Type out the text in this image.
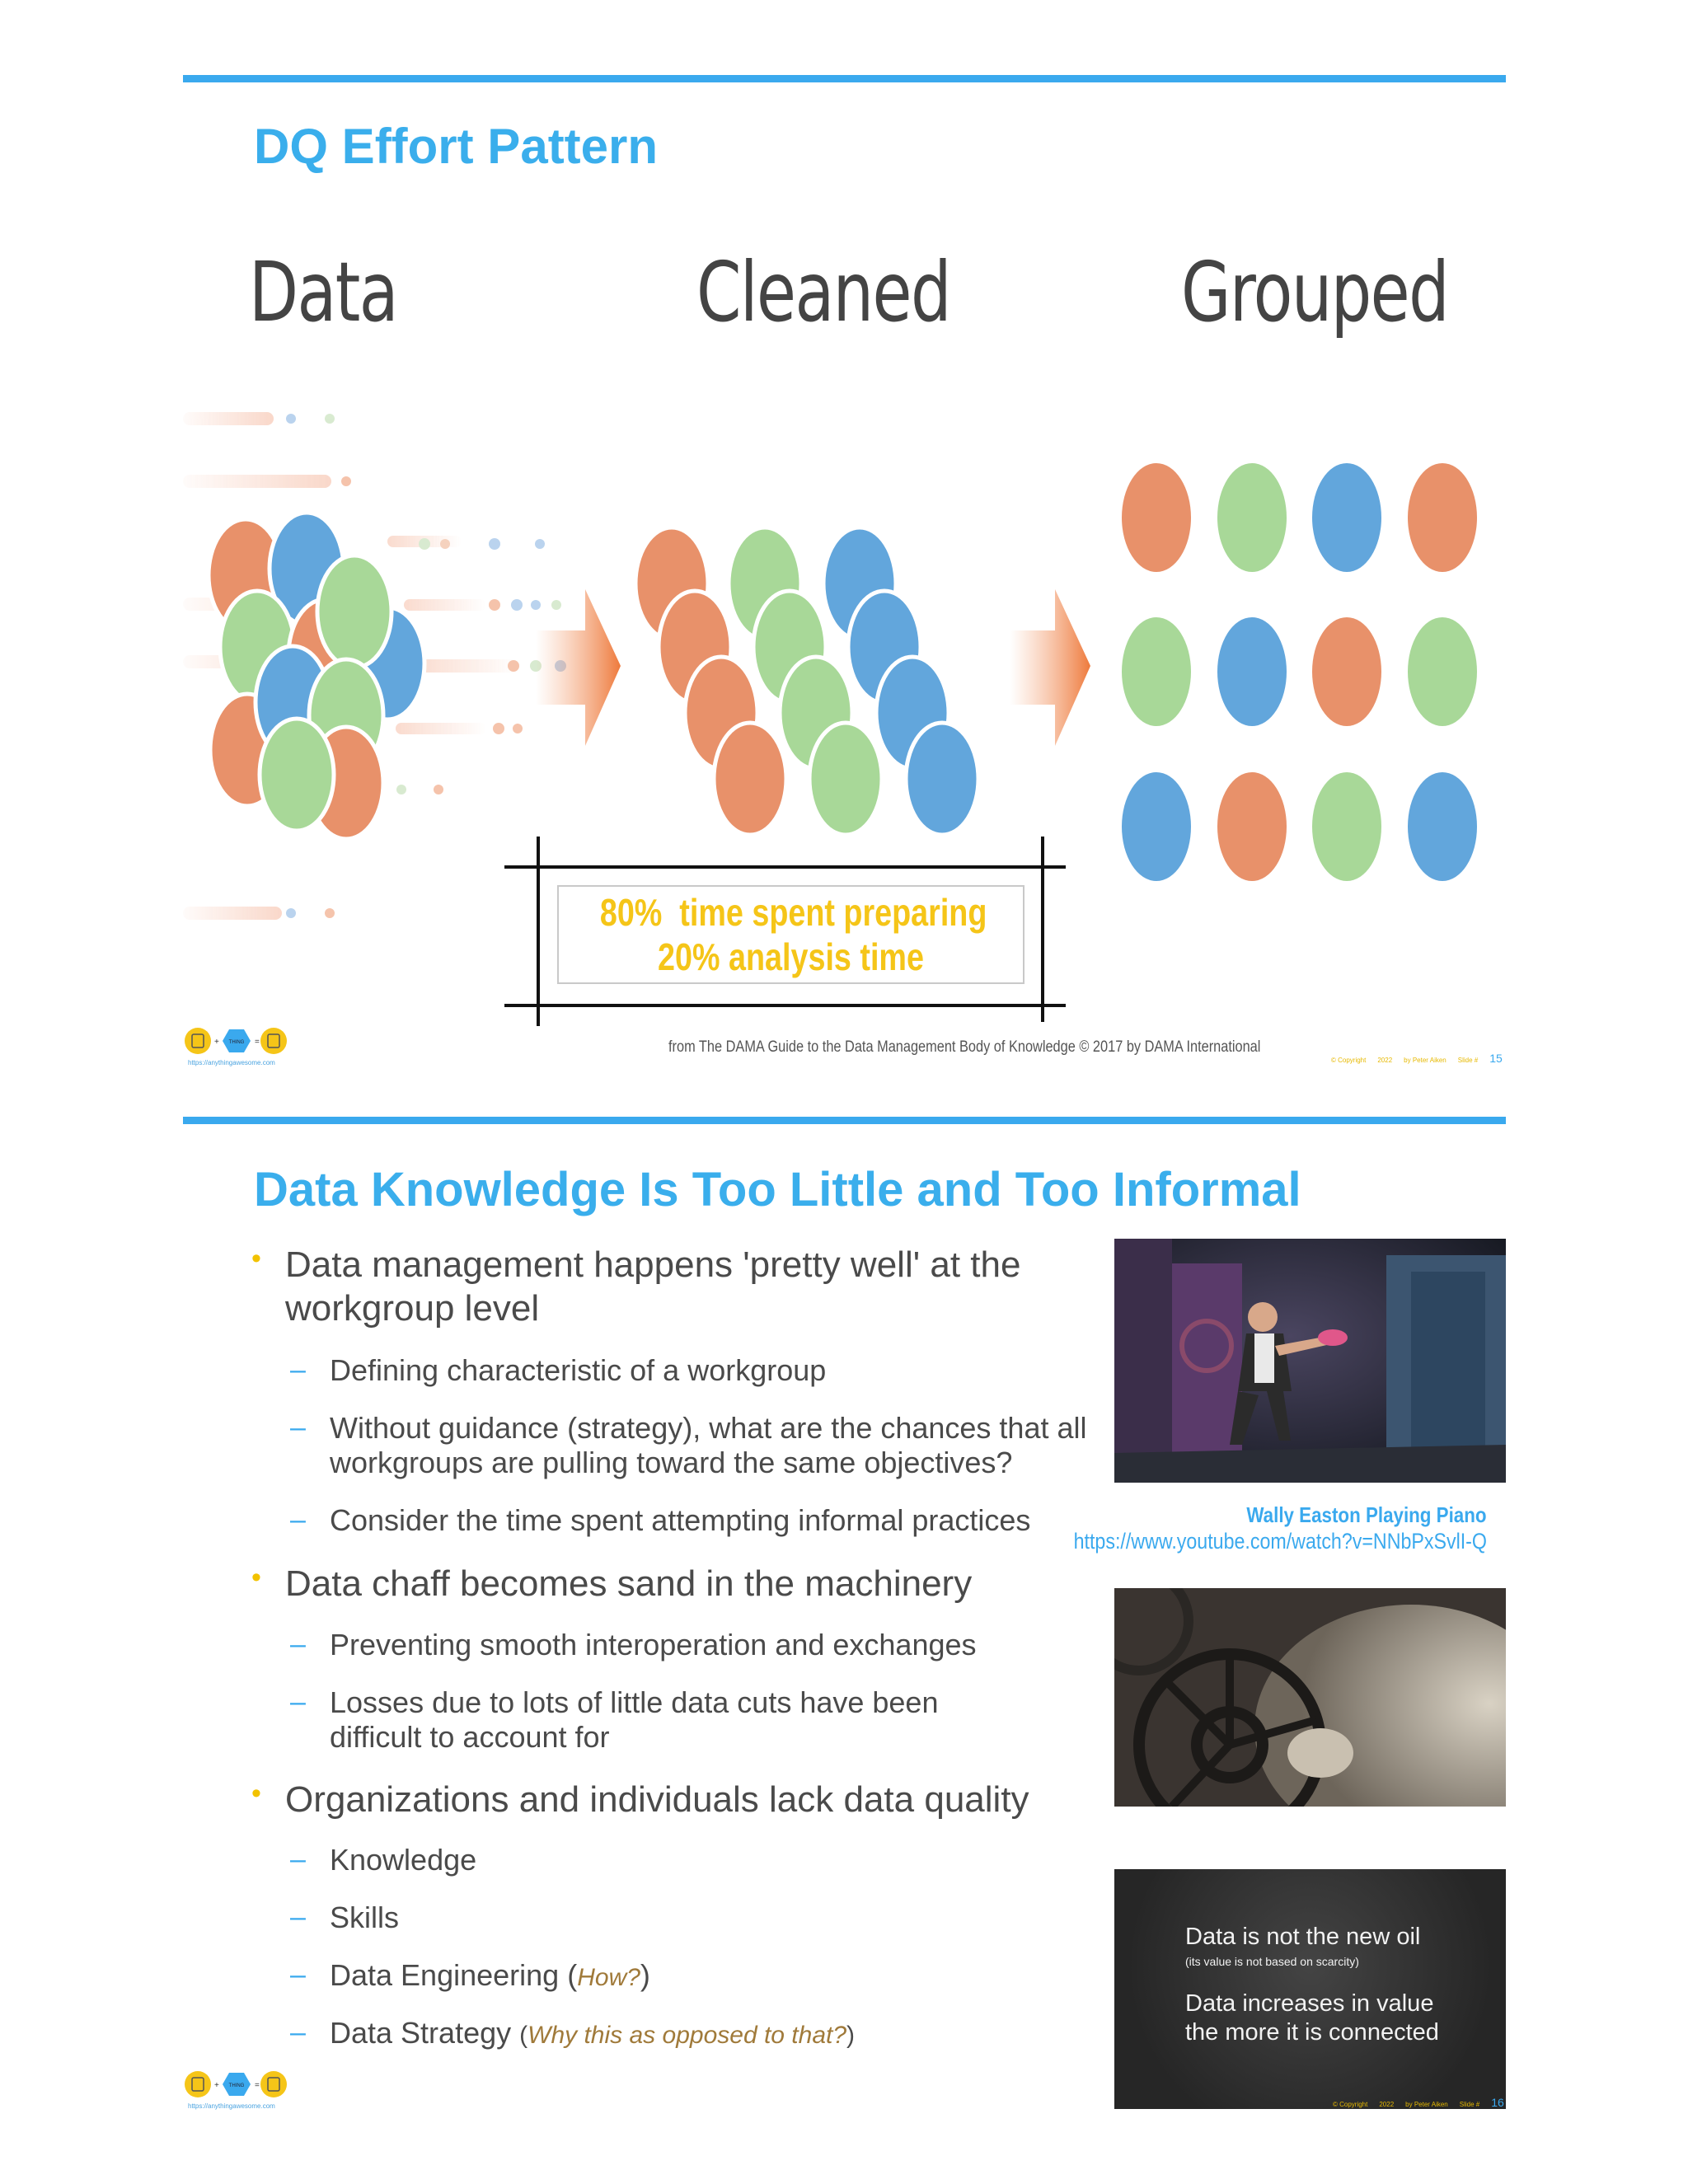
DQ Effort Pattern
Data	Cleaned	Grouped
80%  time spent preparing
20% analysis time
+ THING =
https://anythingawesome.com
from The DAMA Guide to the Data Management Body of Knowledge © 2017 by DAMA International
© Copyright 2022 by Peter Aiken Slide # 15
Data Knowledge Is Too Little and Too Informal
• Data management happens 'pretty well' at the workgroup level
– Defining characteristic of a workgroup
– Without guidance (strategy), what are the chances that all workgroups are pulling toward the same objectives?
– Consider the time spent attempting informal practices
• Data chaff becomes sand in the machinery
– Preventing smooth interoperation and exchanges
– Losses due to lots of little data cuts have been difficult to account for
• Organizations and individuals lack data quality
– Knowledge
– Skills
– Data Engineering (How?)
– Data Strategy (Why this as opposed to that?)
Wally Easton Playing Piano
https://www.youtube.com/watch?v=NNbPxSvlI-Q
Data is not the new oil
(its value is not based on scarcity)
Data increases in value
the more it is connected
© Copyright 2022 by Peter Aiken Slide # 16
+ THING =
https://anythingawesome.com
